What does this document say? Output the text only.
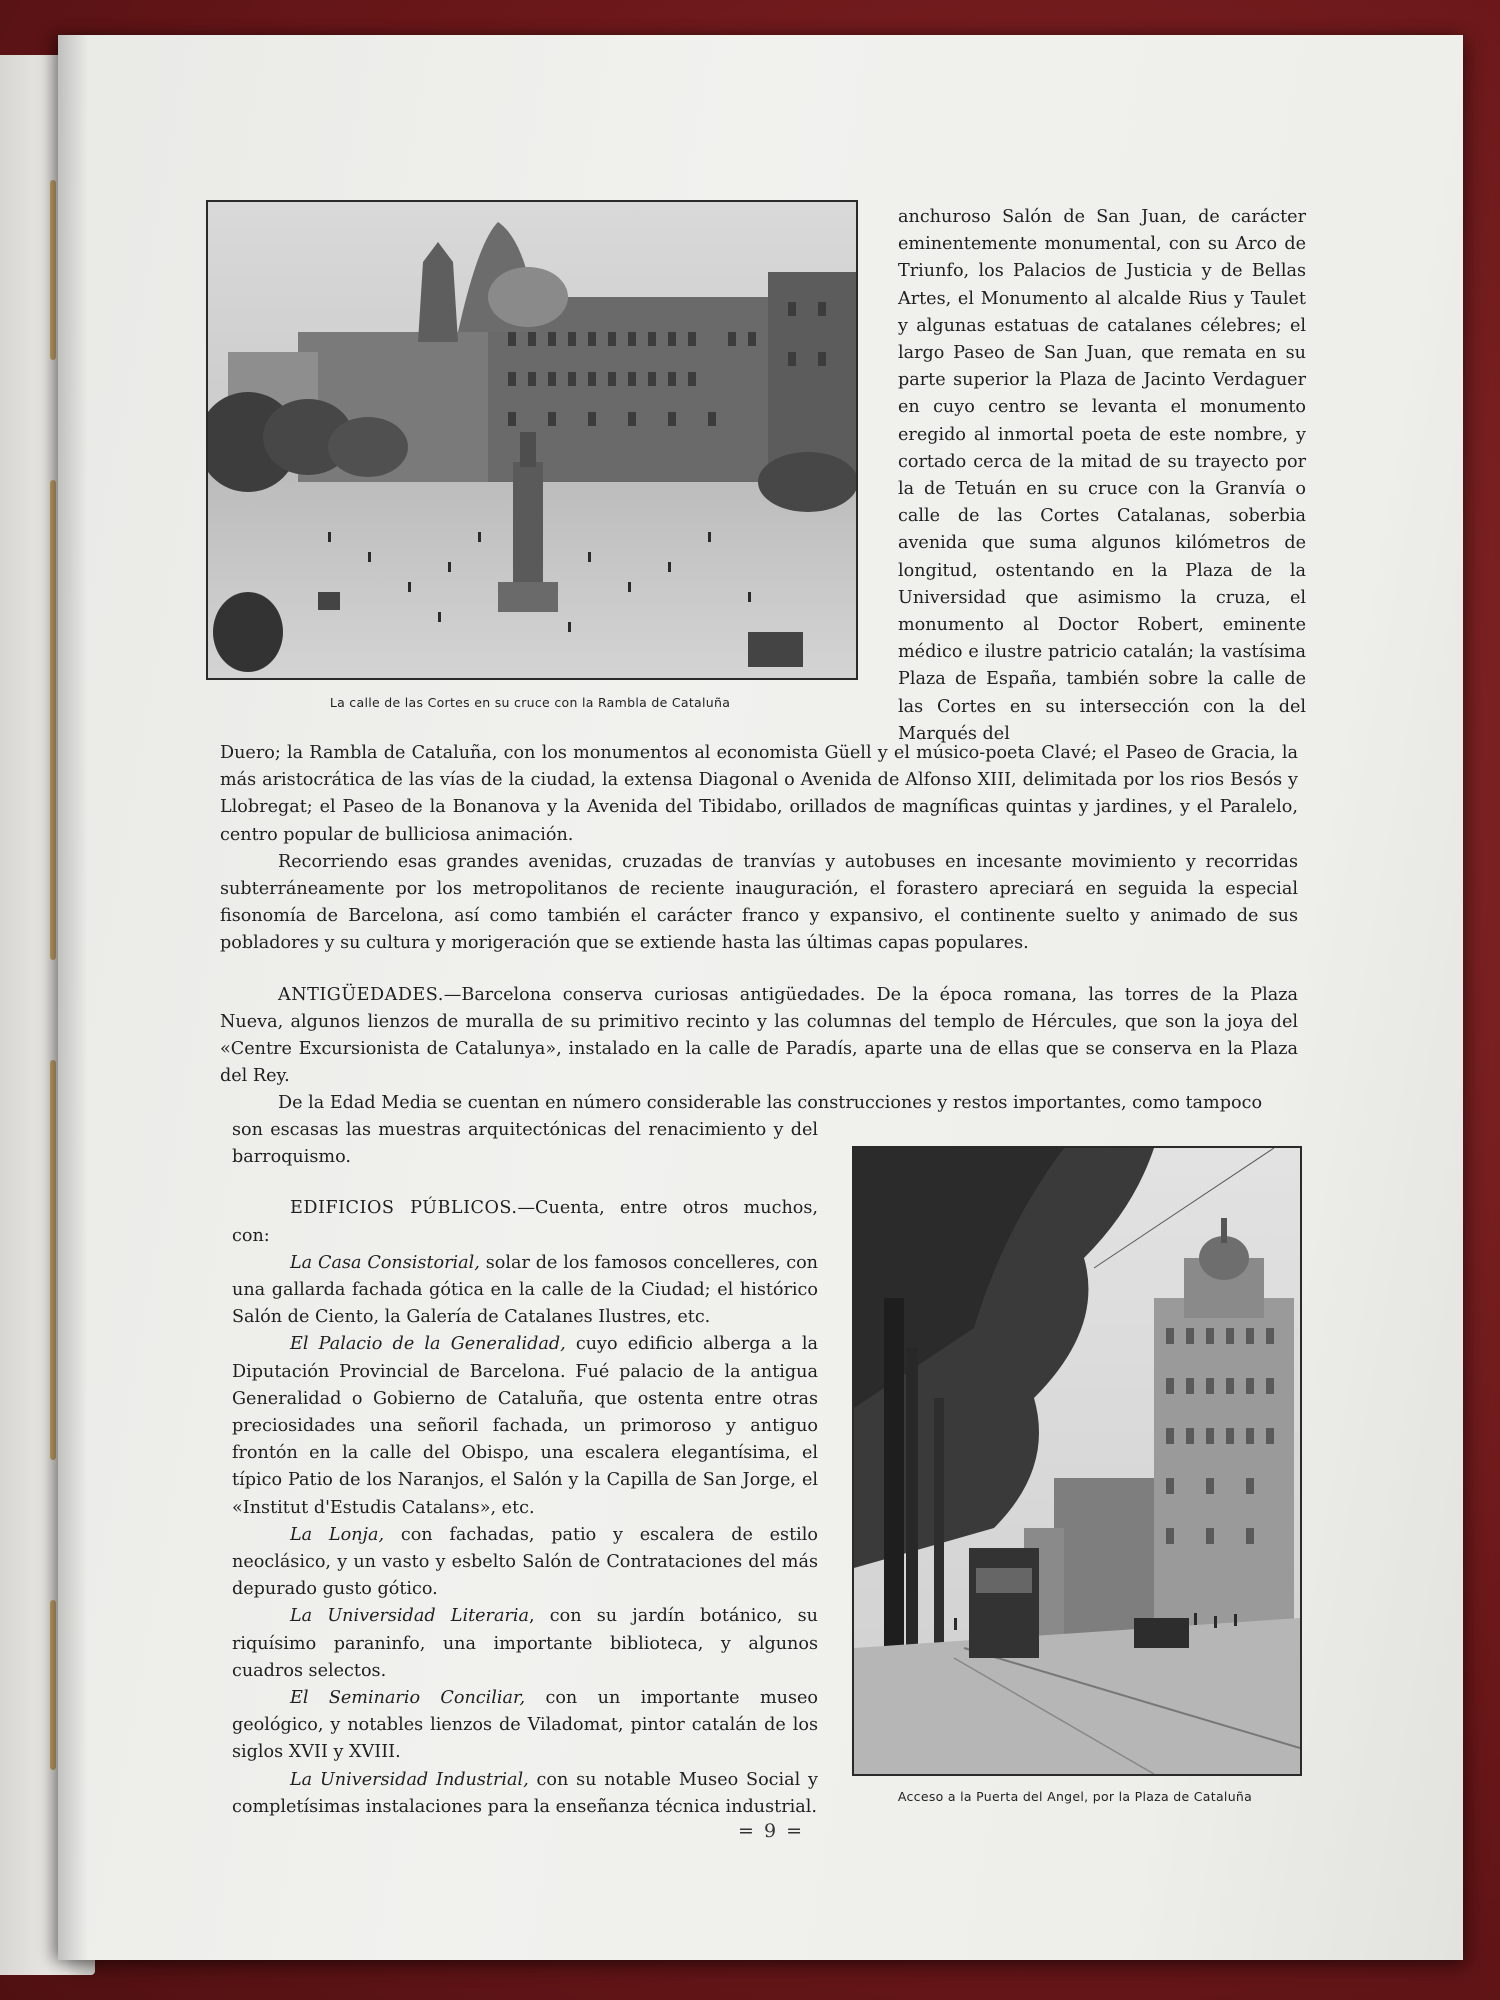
La calle de las Cortes en su cruce con la Rambla de Cataluña

anchuroso Salón de San Juan, de carácter eminentemente monumental, con su Arco de Triunfo, los Palacios de Justicia y de Bellas Artes, el Monumento al alcalde Rius y Taulet y algunas estatuas de catalanes célebres; el largo Paseo de San Juan, que remata en su parte superior la Plaza de Jacinto Verdaguer en cuyo centro se levanta el monumento eregido al inmortal poeta de este nombre, y cortado cerca de la mitad de su trayecto por la de Tetuán en su cruce con la Granvía o calle de las Cortes Catalanas, soberbia avenida que suma algunos kilómetros de longitud, ostentando en la Plaza de la Universidad que asimismo la cruza, el monumento al Doctor Robert, eminente médico e ilustre patricio catalán; la vastísima Plaza de España, también sobre la calle de las Cortes en su intersección con la del Marqués del

Duero; la Rambla de Cataluña, con los monumentos al economista Güell y el músico-poeta Clavé; el Paseo de Gracia, la más aristocrática de las vías de la ciudad, la extensa Diagonal o Avenida de Alfonso XIII, delimitada por los rios Besós y Llobregat; el Paseo de la Bonanova y la Avenida del Tibidabo, orillados de magníficas quintas y jardines, y el Paralelo, centro popular de bulliciosa animación.

Recorriendo esas grandes avenidas, cruzadas de tranvías y autobuses en incesante movimiento y recorridas subterráneamente por los metropolitanos de reciente inauguración, el forastero apreciará en seguida la especial fisonomía de Barcelona, así como también el carácter franco y expansivo, el continente suelto y animado de sus pobladores y su cultura y morigeración que se extiende hasta las últimas capas populares.

ANTIGÜEDADES.—Barcelona conserva curiosas antigüedades. De la época romana, las torres de la Plaza Nueva, algunos lienzos de muralla de su primitivo recinto y las columnas del templo de Hércules, que son la joya del «Centre Excursionista de Catalunya», instalado en la calle de Paradís, aparte una de ellas que se conserva en la Plaza del Rey.

De la Edad Media se cuentan en número considerable las construcciones y restos importantes, como tampoco

son escasas las muestras arquitectónicas del renacimiento y del barroquismo.

EDIFICIOS PÚBLICOS.—Cuenta, entre otros muchos, con:

La Casa Consistorial, solar de los famosos concelleres, con una gallarda fachada gótica en la calle de la Ciudad; el histórico Salón de Ciento, la Galería de Catalanes Ilustres, etc.

El Palacio de la Generalidad, cuyo edificio alberga a la Diputación Provincial de Barcelona. Fué palacio de la antigua Generalidad o Gobierno de Cataluña, que ostenta entre otras preciosidades una señoril fachada, un primoroso y antiguo frontón en la calle del Obispo, una escalera elegantísima, el típico Patio de los Naranjos, el Salón y la Capilla de San Jorge, el «Institut d'Estudis Catalans», etc.

La Lonja, con fachadas, patio y escalera de estilo neoclásico, y un vasto y esbelto Salón de Contrataciones del más depurado gusto gótico.

La Universidad Literaria, con su jardín botánico, su riquísimo paraninfo, una importante biblioteca, y algunos cuadros selectos.

El Seminario Conciliar, con un importante museo geológico, y notables lienzos de Viladomat, pintor catalán de los siglos XVII y XVIII.

La Universidad Industrial, con su notable Museo Social y completísimas instalaciones para la enseñanza técnica industrial.

Acceso a la Puerta del Angel, por la Plaza de Cataluña
= 9 =
